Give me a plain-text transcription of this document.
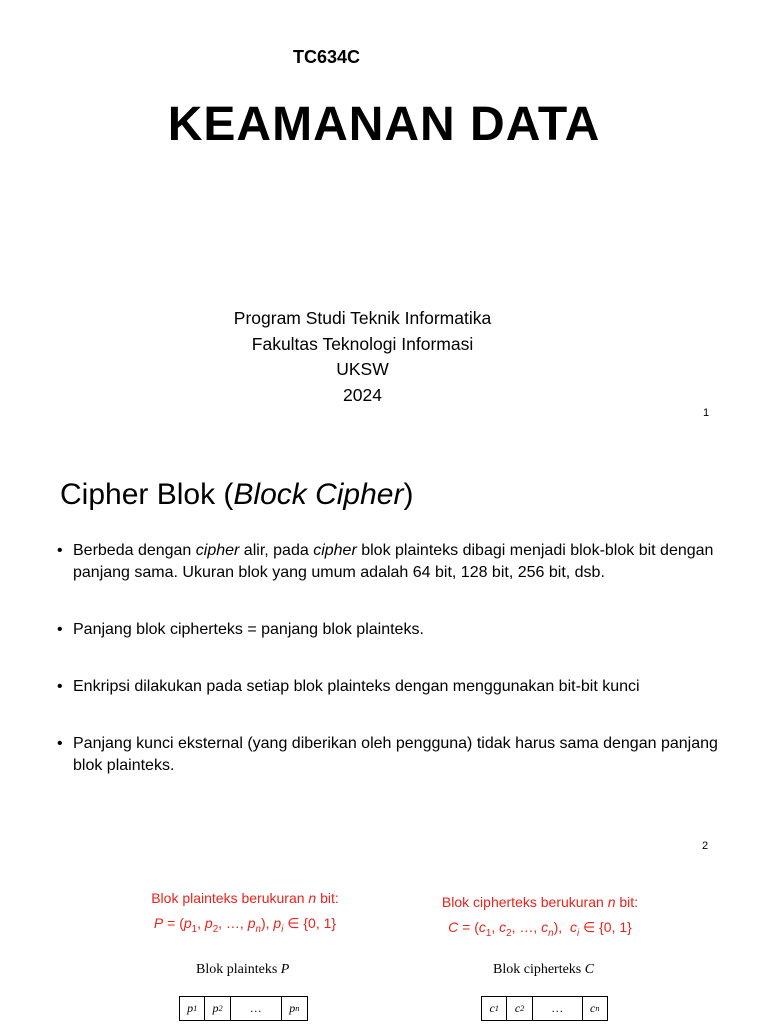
TC634C
KEAMANAN DATA
Program Studi Teknik Informatika
Fakultas Teknologi Informasi
UKSW
2024
1
Cipher Blok (Block Cipher)
• Berbeda dengan cipher alir, pada cipher blok plainteks dibagi menjadi blok-blok bit dengan panjang sama. Ukuran blok yang umum adalah 64 bit, 128 bit, 256 bit, dsb.
• Panjang blok cipherteks = panjang blok plainteks.
• Enkripsi dilakukan pada setiap blok plainteks dengan menggunakan bit-bit kunci
• Panjang kunci eksternal (yang diberikan oleh pengguna) tidak harus sama dengan panjang blok plainteks.
2
Blok plainteks berukuran n bit:
$P = (p_1$, $p_2$, …, $p_n$), $p_i$ ∈ {0, 1}
Blok cipherteks berukuran n bit:
$C = (c_1$, $c_2$, …, $c_n$),  $c_i$ ∈ {0, 1}
Blok plainteks P	Blok cipherteks C
p 1	p 2	…	p n	c 1	c 2	…	c n
